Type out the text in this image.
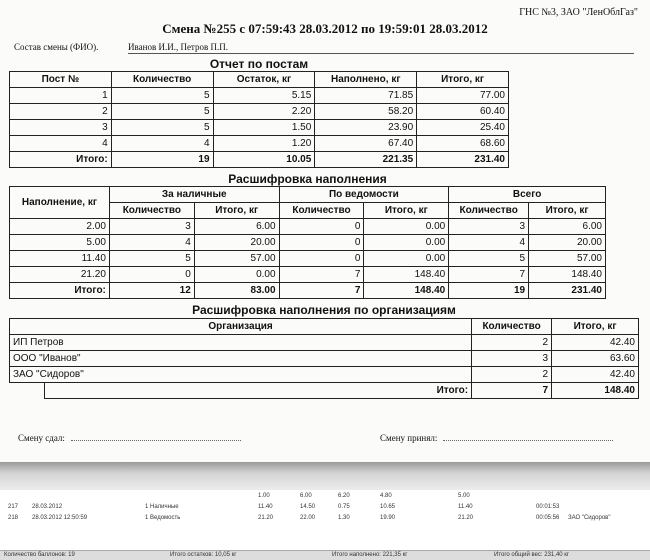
ГНС №3, ЗАО "ЛенОблГаз"
Смена №255 с 07:59:43 28.03.2012 по 19:59:01 28.03.2012
Состав смены (ФИО).	Иванов И.И., Петров П.П.
Отчет по постам
Пост №	Количество	Остаток, кг	Наполнено, кг	Итого, кг
1	5	5.15	71.85	77.00
2	5	2.20	58.20	60.40
3	5	1.50	23.90	25.40
4	4	1.20	67.40	68.60
Итого:	19	10.05	221.35	231.40
Расшифровка наполнения
Наполнение, кг	За наличные		По ведомости		Всего	
	Количество	Итого, кг	Количество	Итого, кг	Количество	Итого, кг
2.00	3	6.00	0	0.00	3	6.00
5.00	4	20.00	0	0.00	4	20.00
11.40	5	57.00	0	0.00	5	57.00
21.20	0	0.00	7	148.40	7	148.40
Итого:	12	83.00	7	148.40	19	231.40
Расшифровка наполнения по организациям
Организация		Количество	Итого, кг
ИП Петров		2	42.40
ООО "Иванов"		3	63.60
ЗАО "Сидоров"		2	42.40
	Итого:	7	148.40
Смену сдал:	Смену принял:
1.00	6.00	6.20	4.80	5.00
217 28.03.2012	1 Наличные	11.40	14.50	0.75	10.65	11.40	00:01:53
218 28.03.2012 12:50:59	1 Ведомость	21.20	22.00	1.30	19.90	21.20	00:05:56 ЗАО "Сидоров"
Количество баллонов: 19	Итого остатков: 10,05 кг	Итого наполнено: 221,35 кг	Итого общий вес: 231,40 кг
